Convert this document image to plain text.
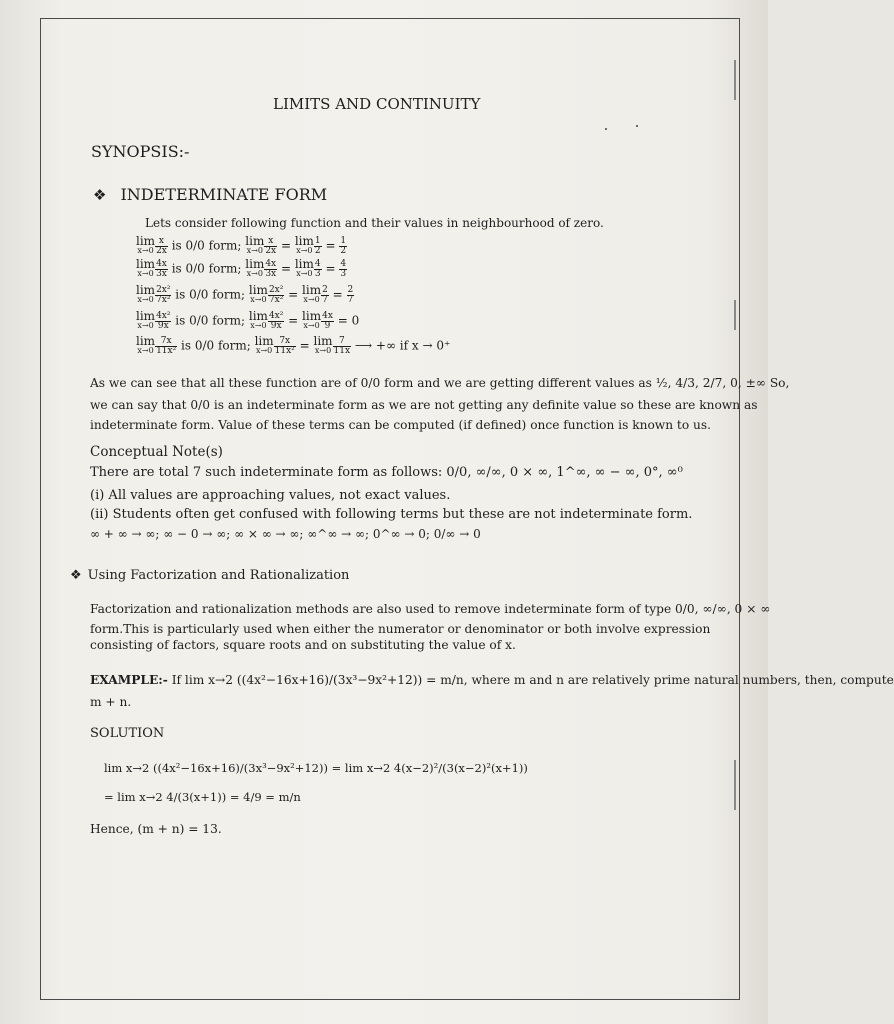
LIMITS AND CONTINUITY
SYNOPSIS:-
❖ INDETERMINATE FORM
Lets consider following function and their values in neighbourhood of zero.
lim
$x\to 0 \frac{x}{2x}$ is 0/0 form; lim
$x\to 0 \frac{x}{2x} = \lim$
$x\to 0 \frac{1}{2} = \frac{1}{2}$
lim
$x\to 0 \frac{4x}{3x}$ is 0/0 form; lim
$x\to 0 \frac{4x}{3x} = \lim$
$x\to 0 \frac{4}{3} = \frac{4}{3}$
lim
$x\to 0 \frac{\text{2x²}}{\text{7x²}}$ is 0/0 form; lim
$x\to 0 \frac{\text{2x²}}{\text{7x²}} = \lim$
$x\to 0 \frac{2}{7} = \frac{2}{7}$
lim
$x\to 0 \frac{\text{4x²}}{9x}$ is 0/0 form; lim
$x\to 0 \frac{\text{4x²}}{9x} = \lim$
$x\to 0 \frac{4x}{9} = 0$
lim
$x\to 0 \frac{7x}{\text{11x²}}$ is 0/0 form; lim
$x\to 0 \frac{7x}{\text{11x²}} = \lim$
$x\to 0 \frac{7}{11x}$ ⟶ +∞ if x → 0⁺
As we can see that all these function are of 0/0 form and we are getting different values as ½, 4/3, 2/7, 0, ±∞ So,
we can say that 0/0 is an indeterminate form as we are not getting any definite value so these are known as
indeterminate form. Value of these terms can be computed (if defined) once function is known to us.
Conceptual Note(s)
There are total 7 such indeterminate form as follows: 0/0, ∞/∞, 0 × ∞, 1^∞, ∞ − ∞, 0°, ∞⁰
(i) All values are approaching values, not exact values.
(ii) Students often get confused with following terms but these are not indeterminate form.
∞ + ∞ → ∞; ∞ − 0 → ∞; ∞ × ∞ → ∞; ∞^∞ → ∞; 0^∞ → 0; 0/∞ → 0
❖ Using Factorization and Rationalization
Factorization and rationalization methods are also used to remove indeterminate form of type 0/0, ∞/∞, 0 × ∞
form.This is particularly used when either the numerator or denominator or both involve expression
consisting of factors, square roots and on substituting the value of x.
EXAMPLE:- If lim x→2 ((4x²−16x+16)/(3x³−9x²+12)) = m/n, where m and n are relatively prime natural numbers, then, compute
m + n.
SOLUTION
lim x→2 ((4x²−16x+16)/(3x³−9x²+12)) = lim x→2 4(x−2)²/(3(x−2)²(x+1))
= lim x→2 4/(3(x+1)) = 4/9 = m/n
Hence, (m + n) = 13.
